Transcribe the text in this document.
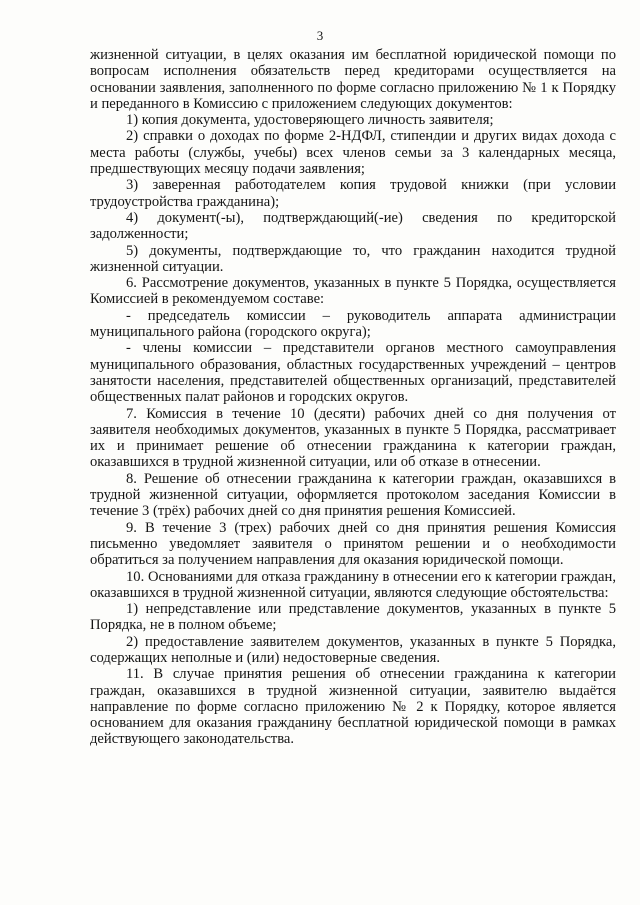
3

жизненной ситуации, в целях оказания им бесплатной юридической помощи по вопросам исполнения обязательств перед кредиторами осуществляется на основании заявления, заполненного по форме согласно приложению № 1 к Порядку и переданного в Комиссию с приложением следующих документов:

1) копия документа, удостоверяющего личность заявителя;

2) справки о доходах по форме 2-НДФЛ, стипендии и других видах дохода с места работы (службы, учебы) всех членов семьи за 3 календарных месяца, предшествующих месяцу подачи заявления;

3) заверенная работодателем копия трудовой книжки (при условии трудоустройства гражданина);

4) документ(-ы), подтверждающий(-ие) сведения по кредиторской задолженности;

5) документы, подтверждающие то, что гражданин находится трудной жизненной ситуации.

6. Рассмотрение документов, указанных в пункте 5 Порядка, осуществляется Комиссией в рекомендуемом составе:

- председатель комиссии – руководитель аппарата администрации муниципального района (городского округа);

- члены комиссии – представители органов местного самоуправления муниципального образования, областных государственных учреждений – центров занятости населения, представителей общественных организаций, представителей общественных палат районов и городских округов.

7. Комиссия в течение 10 (десяти) рабочих дней со дня получения от заявителя необходимых документов, указанных в пункте 5 Порядка, рассматривает их и принимает решение об отнесении гражданина к категории граждан, оказавшихся в трудной жизненной ситуации, или об отказе в отнесении.

8. Решение об отнесении гражданина к категории граждан, оказавшихся в трудной жизненной ситуации, оформляется протоколом заседания Комиссии в течение 3 (трёх) рабочих дней со дня принятия решения Комиссией.

9. В течение 3 (трех) рабочих дней со дня принятия решения Комиссия письменно уведомляет заявителя о принятом решении и о необходимости обратиться за получением направления для оказания юридической помощи.

10. Основаниями для отказа гражданину в отнесении его к категории граждан, оказавшихся в трудной жизненной ситуации, являются следующие обстоятельства:

1) непредставление или представление документов, указанных в пункте 5 Порядка, не в полном объеме;

2) предоставление заявителем документов, указанных в пункте 5 Порядка, содержащих неполные и (или) недостоверные сведения.

11. В случае принятия решения об отнесении гражданина к категории граждан, оказавшихся в трудной жизненной ситуации, заявителю выдаётся направление по форме согласно приложению № 2 к Порядку, которое является основанием для оказания гражданину бесплатной юридической помощи в рамках действующего законодательства.
